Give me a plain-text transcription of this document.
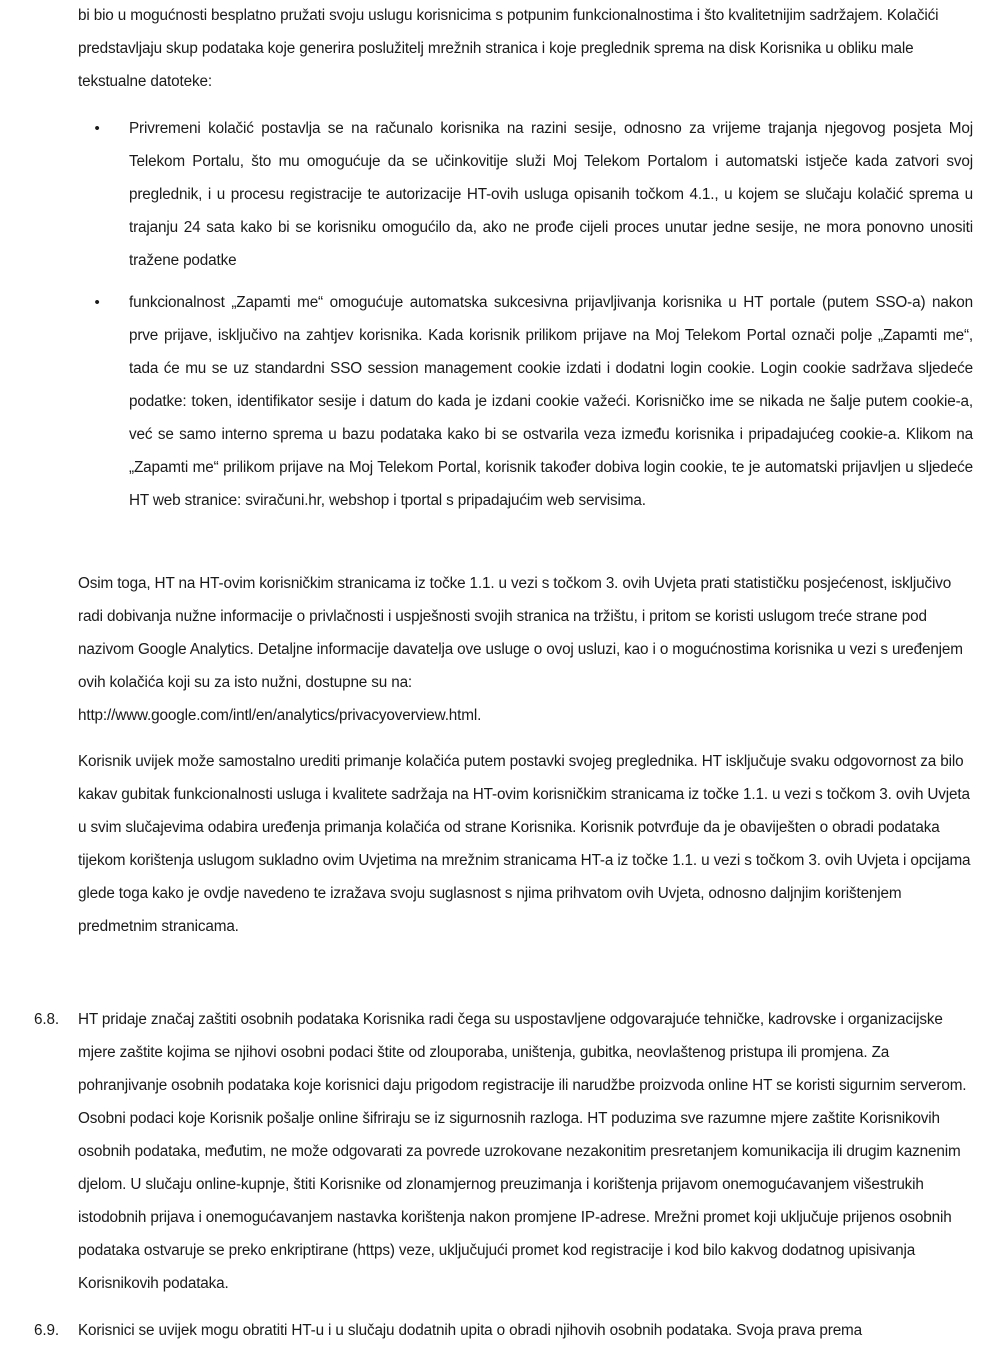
bi bio u mogućnosti besplatno pružati svoju uslugu korisnicima s potpunim funkcionalnostima i što kvalitetnijim sadržajem. Kolačići predstavljaju skup podataka koje generira poslužitelj mrežnih stranica i koje preglednik sprema na disk Korisnika u obliku male tekstualne datoteke:

• Privremeni kolačić postavlja se na računalo korisnika na razini sesije, odnosno za vrijeme trajanja njegovog posjeta Moj Telekom Portalu, što mu omogućuje da se učinkovitije služi Moj Telekom Portalom i automatski istječe kada zatvori svoj preglednik, i u procesu registracije te autorizacije HT-ovih usluga opisanih točkom 4.1., u kojem se slučaju kolačić sprema u trajanju 24 sata kako bi se korisniku omogućilo da, ako ne prođe cijeli proces unutar jedne sesije, ne mora ponovno unositi tražene podatke
• funkcionalnost „Zapamti me“ omogućuje automatska sukcesivna prijavljivanja korisnika u HT portale (putem SSO-a) nakon prve prijave, isključivo na zahtjev korisnika. Kada korisnik prilikom prijave na Moj Telekom Portal označi polje „Zapamti me“, tada će mu se uz standardni SSO session management cookie izdati i dodatni login cookie. Login cookie sadržava sljedeće podatke: token, identifikator sesije i datum do kada je izdani cookie važeći. Korisničko ime se nikada ne šalje putem cookie-a, već se samo interno sprema u bazu podataka kako bi se ostvarila veza između korisnika i pripadajućeg cookie-a. Klikom na „Zapamti me“ prilikom prijave na Moj Telekom Portal, korisnik također dobiva login cookie, te je automatski prijavljen u sljedeće HT web stranice: sviračuni.hr, webshop i tportal s pripadajućim web servisima.
Osim toga, HT na HT-ovim korisničkim stranicama iz točke 1.1. u vezi s točkom 3. ovih Uvjeta prati statističku posjećenost, isključivo radi dobivanja nužne informacije o privlačnosti i uspješnosti svojih stranica na tržištu, i pritom se koristi uslugom treće strane pod nazivom Google Analytics. Detaljne informacije davatelja ove usluge o ovoj usluzi, kao i o mogućnostima korisnika u vezi s uređenjem ovih kolačića koji su za isto nužni, dostupne su na:
http://www.google.com/intl/en/analytics/privacyoverview.html.

Korisnik uvijek može samostalno urediti primanje kolačića putem postavki svojeg preglednika. HT isključuje svaku odgovornost za bilo kakav gubitak funkcionalnosti usluga i kvalitete sadržaja na HT-ovim korisničkim stranicama iz točke 1.1. u vezi s točkom 3. ovih Uvjeta u svim slučajevima odabira uređenja primanja kolačića od strane Korisnika. Korisnik potvrđuje da je obaviješten o obradi podataka tijekom korištenja uslugom sukladno ovim Uvjetima na mrežnim stranicama HT-a iz točke 1.1. u vezi s točkom 3. ovih Uvjeta i opcijama glede toga kako je ovdje navedeno te izražava svoju suglasnost s njima prihvatom ovih Uvjeta, odnosno daljnjim korištenjem predmetnim stranicama.

6.8.	HT pridaje značaj zaštiti osobnih podataka Korisnika radi čega su uspostavljene odgovarajuće tehničke, kadrovske i organizacijske mjere zaštite kojima se njihovi osobni podaci štite od zlouporaba, uništenja, gubitka, neovlaštenog pristupa ili promjena. Za pohranjivanje osobnih podataka koje korisnici daju prigodom registracije ili narudžbe proizvoda online HT se koristi sigurnim serverom. Osobni podaci koje Korisnik pošalje online šifriraju se iz sigurnosnih razloga. HT poduzima sve razumne mjere zaštite Korisnikovih osobnih podataka, međutim, ne može odgovarati za povrede uzrokovane nezakonitim presretanjem komunikacija ili drugim kaznenim djelom. U slučaju online-kupnje, štiti Korisnike od zlonamjernog preuzimanja i korištenja prijavom onemogućavanjem višestrukih istodobnih prijava i onemogućavanjem nastavka korištenja nakon promjene IP-adrese. Mrežni promet koji uključuje prijenos osobnih podataka ostvaruje se preko enkriptirane (https) veze, uključujući promet kod registracije i kod bilo kakvog dodatnog upisivanja Korisnikovih podataka.
6.9.	Korisnici se uvijek mogu obratiti HT-u i u slučaju dodatnih upita o obradi njihovih osobnih podataka. Svoja prava prema
